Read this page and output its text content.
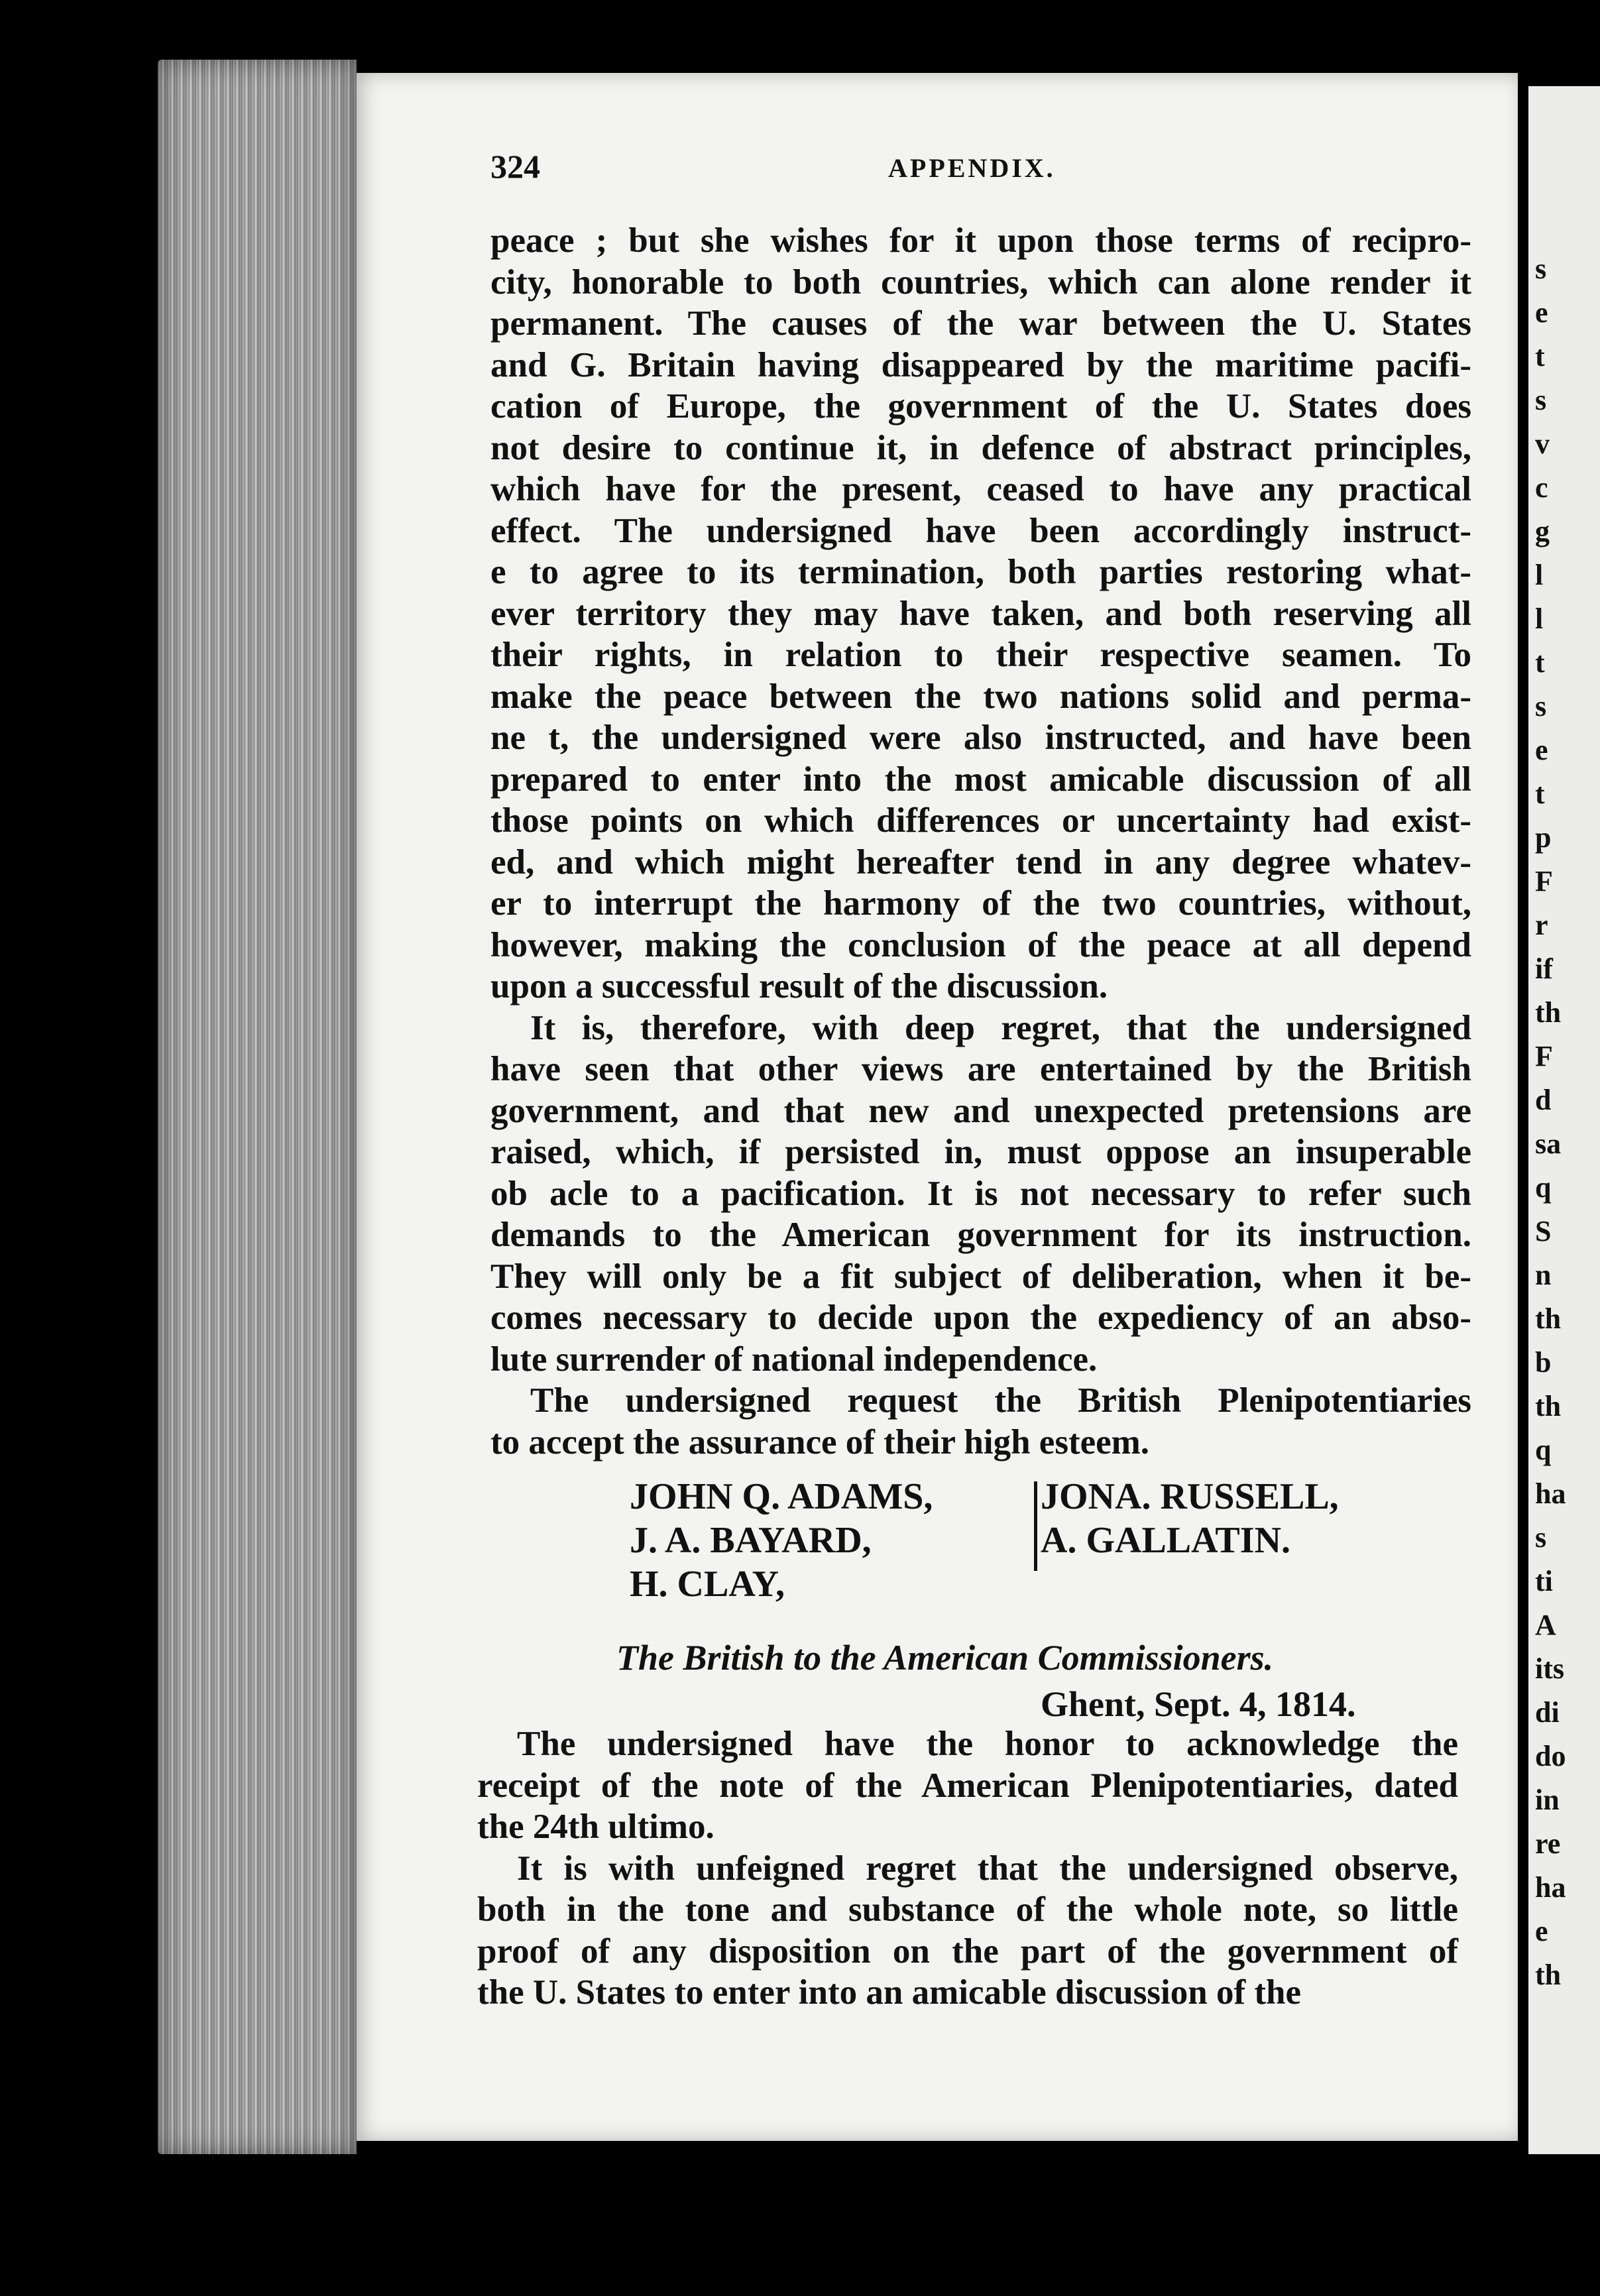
s
e
t
s
v
c
g
l
l
t
s
e
t
p
F
r
if
th
F
d
sa
q
S
n
th
b
th
q
ha
s
ti
A
its
di
do
in
re
ha
e
th
324	APPENDIX.
peace ; but she wishes for it upon those terms of recipro-
city, honorable to both countries, which can alone render it
permanent. The causes of the war between the U. States
and G. Britain having disappeared by the maritime pacifi-
cation of Europe, the government of the U. States does
not desire to continue it, in defence of abstract principles,
which have for the present, ceased to have any practical
effect. The undersigned have been accordingly instruct-
e to agree to its termination, both parties restoring what-
ever territory they may have taken, and both reserving all
their rights, in relation to their respective seamen. To
make the peace between the two nations solid and perma-
ne t, the undersigned were also instructed, and have been
prepared to enter into the most amicable discussion of all
those points on which differences or uncertainty had exist-
ed, and which might hereafter tend in any degree whatev-
er to interrupt the harmony of the two countries, without,
however, making the conclusion of the peace at all depend
upon a successful result of the discussion.
It is, therefore, with deep regret, that the undersigned
have seen that other views are entertained by the British
government, and that new and unexpected pretensions are
raised, which, if persisted in, must oppose an insuperable
ob acle to a pacification. It is not necessary to refer such
demands to the American government for its instruction.
They will only be a fit subject of deliberation, when it be-
comes necessary to decide upon the expediency of an abso-
lute surrender of national independence.
The undersigned request the British Plenipotentiaries
to accept the assurance of their high esteem.
JOHN Q. ADAMS,
J. A. BAYARD,
H. CLAY,
JONA. RUSSELL,
A. GALLATIN.
The British to the American Commissioners.
Ghent, Sept. 4, 1814.
The undersigned have the honor to acknowledge the
receipt of the note of the American Plenipotentiaries, dated
the 24th ultimo.
It is with unfeigned regret that the undersigned observe,
both in the tone and substance of the whole note, so little
proof of any disposition on the part of the government of
the U. States to enter into an amicable discussion of the
